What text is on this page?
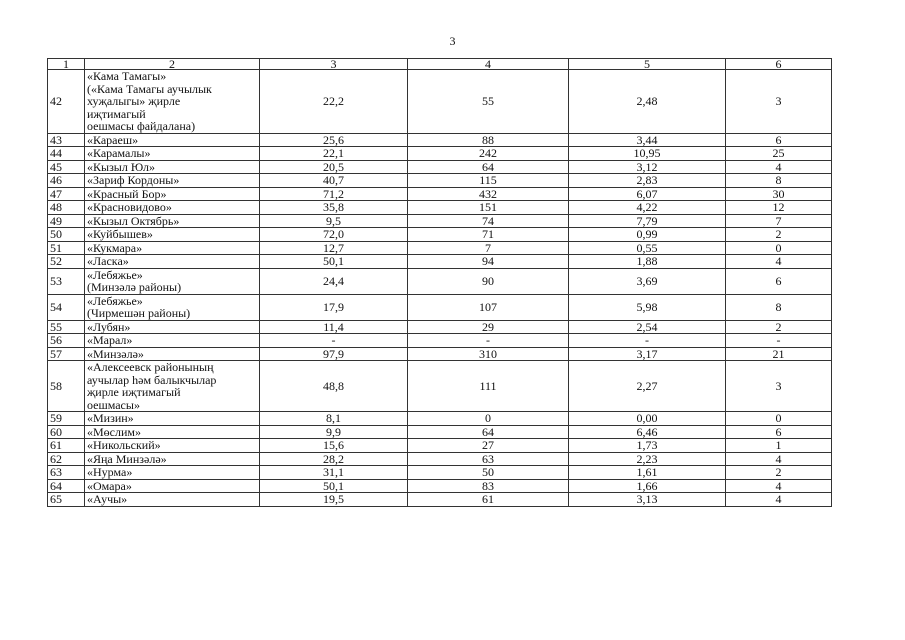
3
1	2	3	4	5	6
42	«Кама Тамагы»
(«Кама Тамагы аучылык
хуҗалыгы» җирле
иҗтимагый
оешмасы файдалана)	22,2	55	2,48	3
43	«Караеш»	25,6	88	3,44	6
44	«Карамалы»	22,1	242	10,95	25
45	«Кызыл Юл»	20,5	64	3,12	4
46	«Зариф Кордоны»	40,7	115	2,83	8
47	«Красный Бор»	71,2	432	6,07	30
48	«Красновидово»	35,8	151	4,22	12
49	«Кызыл Октябрь»	9,5	74	7,79	7
50	«Куйбышев»	72,0	71	0,99	2
51	«Кукмара»	12,7	7	0,55	0
52	«Ласка»	50,1	94	1,88	4
53	«Лебяжье»
(Минзәлә районы)	24,4	90	3,69	6
54	«Лебяжье»
(Чирмешән районы)	17,9	107	5,98	8
55	«Лубян»	11,4	29	2,54	2
56	«Марал»	-	-	-	-
57	«Минзәлә»	97,9	310	3,17	21
58	«Алексеевск районының
аучылар һәм балыкчылар
җирле иҗтимагый
оешмасы»	48,8	111	2,27	3
59	«Мизин»	8,1	0	0,00	0
60	«Мөслим»	9,9	64	6,46	6
61	«Никольский»	15,6	27	1,73	1
62	«Яңа Минзәлә»	28,2	63	2,23	4
63	«Нурма»	31,1	50	1,61	2
64	«Омара»	50,1	83	1,66	4
65	«Аучы»	19,5	61	3,13	4
